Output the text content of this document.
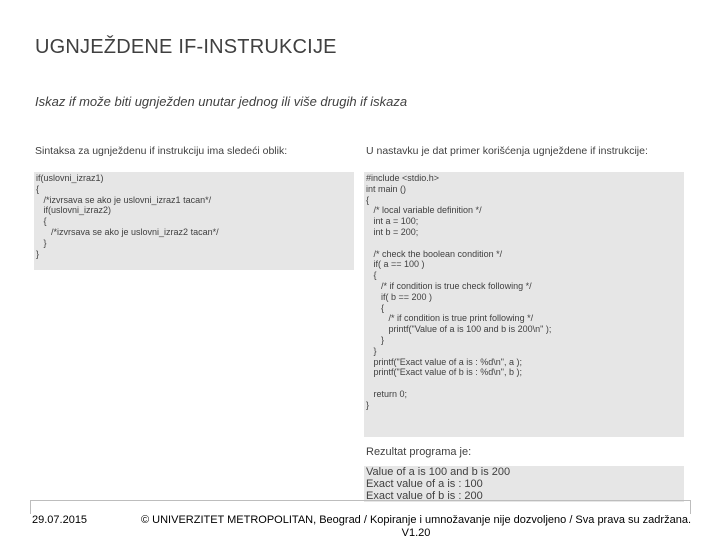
UGNJEŽDENE IF-INSTRUKCIJE
Iskaz if može biti ugnježden unutar jednog ili više drugih if iskaza
Sintaksa za ugnježdenu if instrukciju ima sledeći oblik:	U nastavku je dat primer korišćenja ugnježdene if instrukcije:
if(uslovni_izraz1)
{
/*izvrsava se ako je uslovni_izraz1 tacan*/
if(uslovni_izraz2)
{
/*izvrsava se ako je uslovni_izraz2 tacan*/
}
}
#include <stdio.h>
int main ()
{
/* local variable definition */
int a = 100;
int b = 200;
/* check the boolean condition */
if( a == 100 )
{
/* if condition is true check following */
if( b == 200 )
{
/* if condition is true print following */
printf("Value of a is 100 and b is 200\n" );
}
}
printf("Exact value of a is : %d\n", a );
printf("Exact value of b is : %d\n", b );
return 0;
}
Rezultat programa je:
Value of a is 100 and b is 200
Exact value of a is : 100
Exact value of b is : 200
29.07.2015	© UNIVERZITET METROPOLITAN, Beograd / Kopiranje i umnožavanje nije dozvoljeno / Sva prava su zadržana. V1.20
